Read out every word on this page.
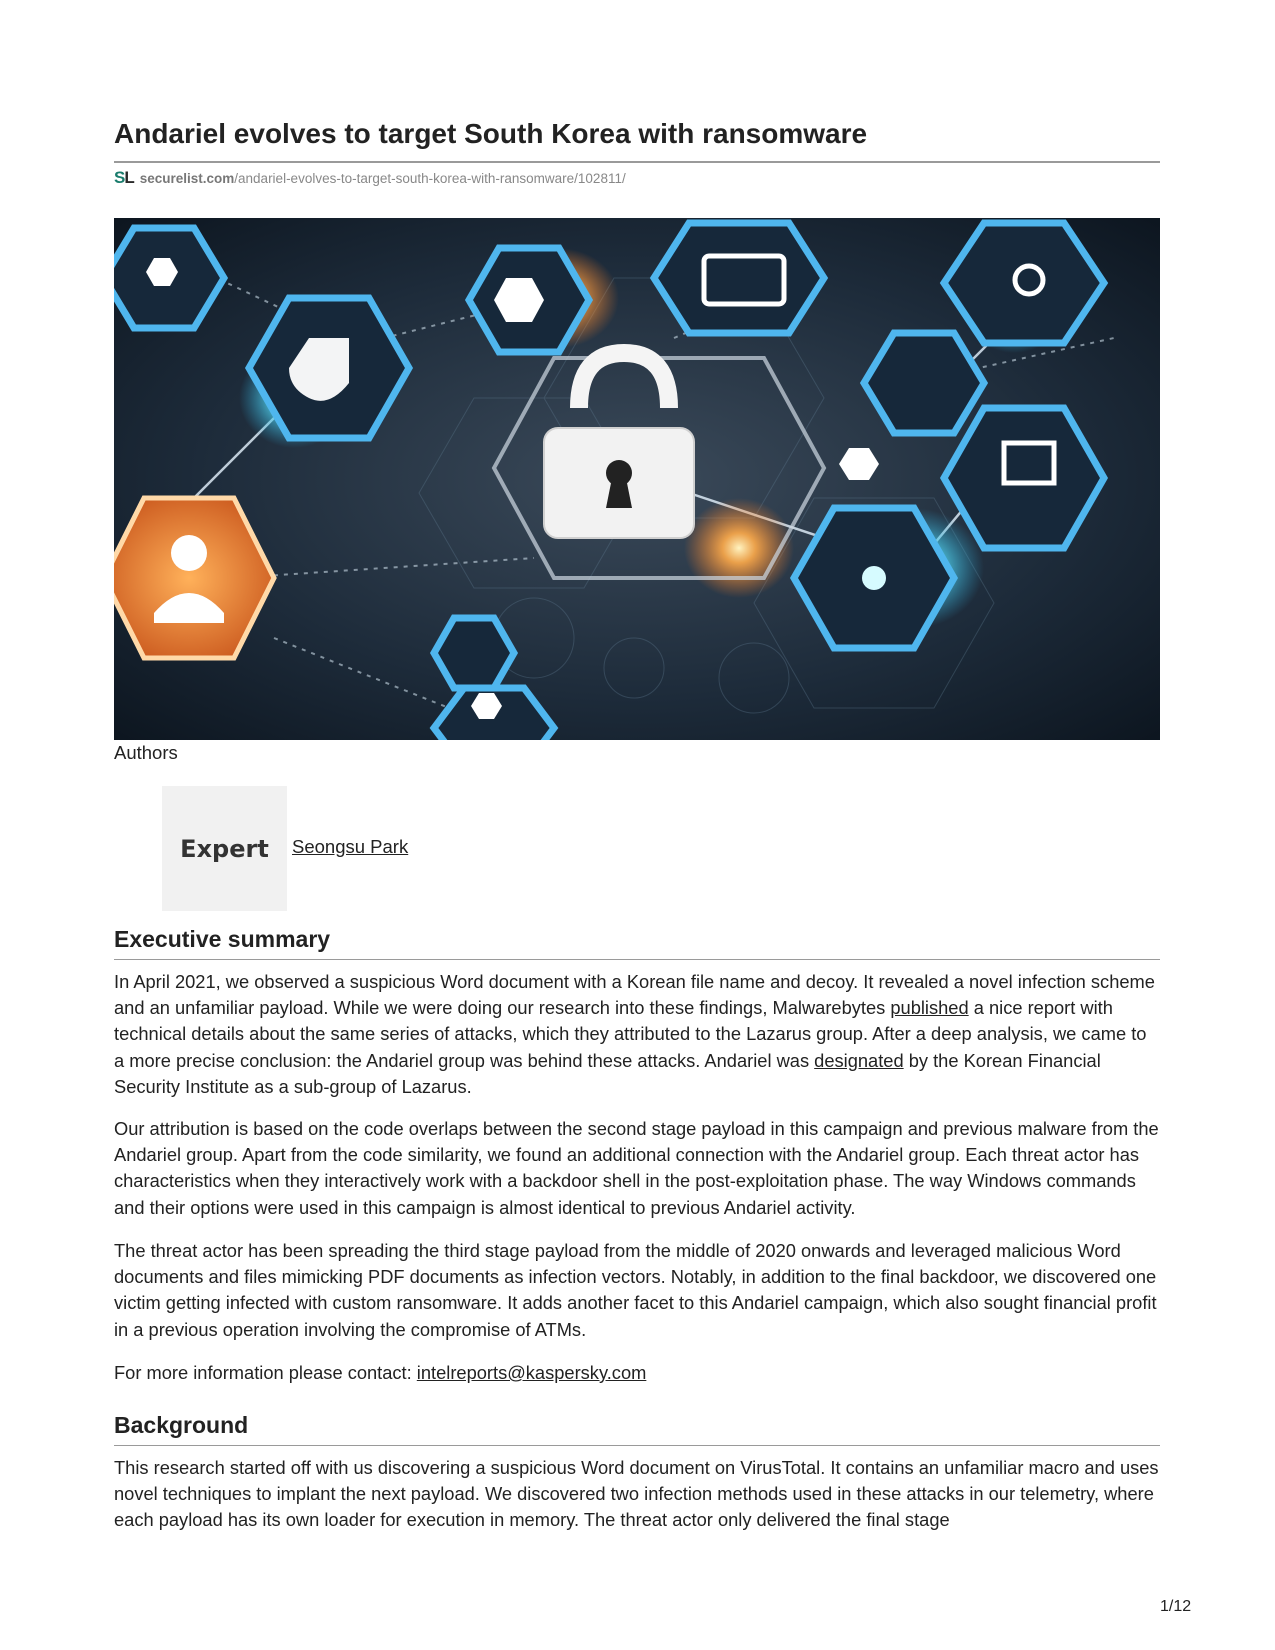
Andariel evolves to target South Korea with ransomware
SL securelist.com /andariel-evolves-to-target-south-korea-with-ransomware/102811/
Authors
Expert	Seongsu Park
Executive summary

In April 2021, we observed a suspicious Word document with a Korean file name and decoy. It revealed a novel infection scheme and an unfamiliar payload. While we were doing our research into these findings, Malwarebytes published a nice report with technical details about the same series of attacks, which they attributed to the Lazarus group. After a deep analysis, we came to a more precise conclusion: the Andariel group was behind these attacks. Andariel was designated by the Korean Financial Security Institute as a sub-group of Lazarus.

Our attribution is based on the code overlaps between the second stage payload in this campaign and previous malware from the Andariel group. Apart from the code similarity, we found an additional connection with the Andariel group. Each threat actor has characteristics when they interactively work with a backdoor shell in the post-exploitation phase. The way Windows commands and their options were used in this campaign is almost identical to previous Andariel activity.

The threat actor has been spreading the third stage payload from the middle of 2020 onwards and leveraged malicious Word documents and files mimicking PDF documents as infection vectors. Notably, in addition to the final backdoor, we discovered one victim getting infected with custom ransomware. It adds another facet to this Andariel campaign, which also sought financial profit in a previous operation involving the compromise of ATMs.

For more information please contact: intelreports@kaspersky.com

Background

This research started off with us discovering a suspicious Word document on VirusTotal. It contains an unfamiliar macro and uses novel techniques to implant the next payload. We discovered two infection methods used in these attacks in our telemetry, where each payload has its own loader for execution in memory. The threat actor only delivered the final stage

1/12
